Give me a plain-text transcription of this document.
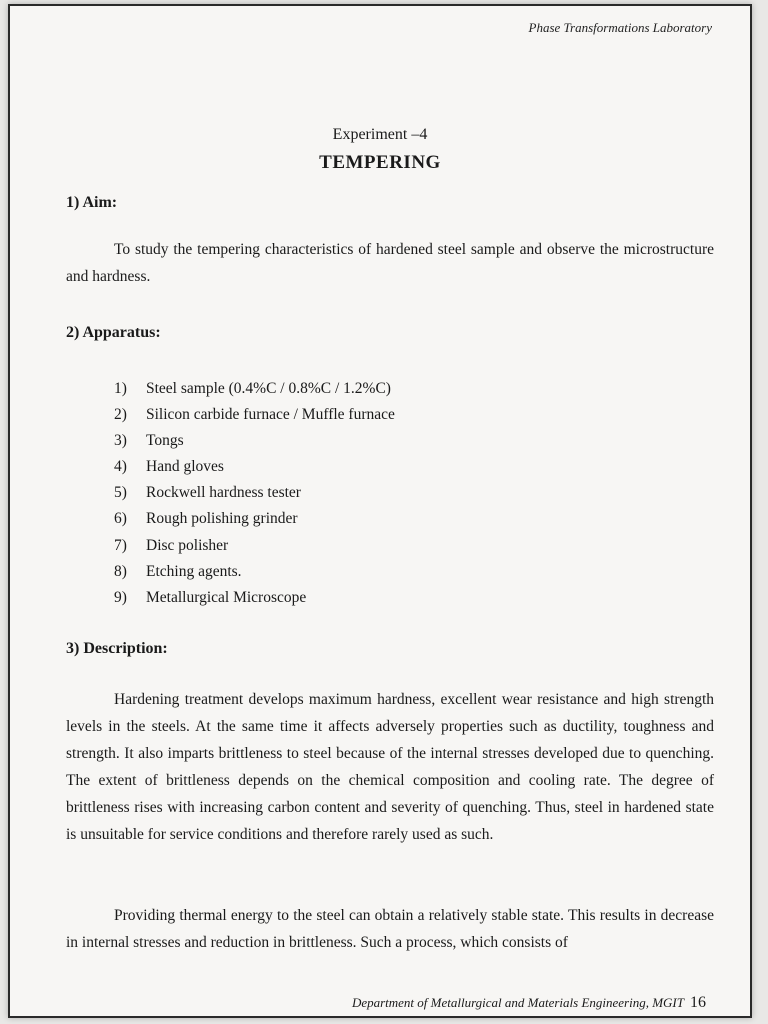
Phase Transformations Laboratory
Experiment –4
TEMPERING
1) Aim:

To study the tempering characteristics of hardened steel sample and observe the microstructure and hardness.

2) Apparatus:
1) Steel sample (0.4%C / 0.8%C / 1.2%C)
2) Silicon carbide furnace / Muffle furnace
3) Tongs
4) Hand gloves
5) Rockwell hardness tester
6) Rough polishing grinder
7) Disc polisher
8) Etching agents.
9) Metallurgical Microscope
3) Description:

Hardening treatment develops maximum hardness, excellent wear resistance and high strength levels in the steels. At the same time it affects adversely properties such as ductility, toughness and strength. It also imparts brittleness to steel because of the internal stresses developed due to quenching. The extent of brittleness depends on the chemical composition and cooling rate. The degree of brittleness rises with increasing carbon content and severity of quenching. Thus, steel in hardened state is unsuitable for service conditions and therefore rarely used as such.

Providing thermal energy to the steel can obtain a relatively stable state. This results in decrease in internal stresses and reduction in brittleness. Such a process, which consists of

Department of Metallurgical and Materials Engineering, MGIT 16
